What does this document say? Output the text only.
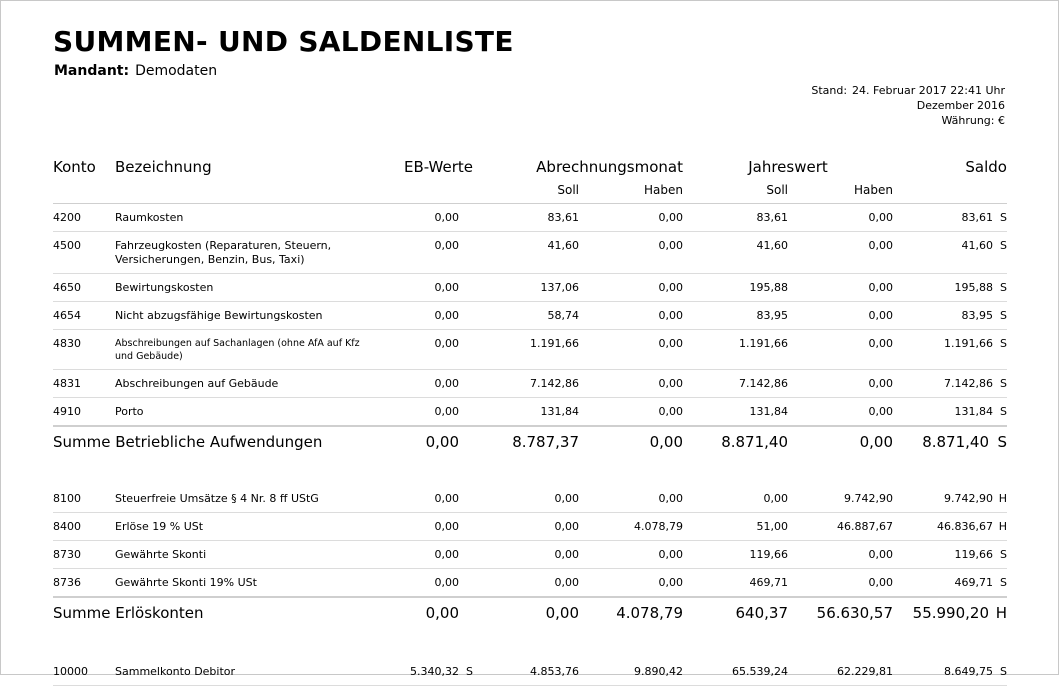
SUMMEN- UND SALDENLISTE
Mandant: Demodaten
Stand: 24. Februar 2017 22:41 Uhr
Dezember 2016
Währung: €
Konto	Bezeichnung	EB-Werte	Abrechnungsmonat		Jahreswert		Saldo
			Soll	Haben	Soll	Haben	
4200	Raumkosten	0,00	83,61	0,00	83,61	0,00	83,61 S
4500	Fahrzeugkosten (Reparaturen, Steuern, Versicherungen, Benzin, Bus, Taxi)	0,00	41,60	0,00	41,60	0,00	41,60 S
4650	Bewirtungskosten	0,00	137,06	0,00	195,88	0,00	195,88 S
4654	Nicht abzugsfähige Bewirtungskosten	0,00	58,74	0,00	83,95	0,00	83,95 S
4830	Abschreibungen auf Sachanlagen (ohne AfA auf Kfz und Gebäude)	0,00	1.191,66	0,00	1.191,66	0,00	1.191,66 S
4831	Abschreibungen auf Gebäude	0,00	7.142,86	0,00	7.142,86	0,00	7.142,86 S
4910	Porto	0,00	131,84	0,00	131,84	0,00	131,84 S
Summe Betriebliche Aufwendungen		0,00	8.787,37	0,00	8.871,40	0,00	8.871,40 S

8100	Steuerfreie Umsätze § 4 Nr. 8 ff UStG	0,00	0,00	0,00	0,00	9.742,90	9.742,90 H
8400	Erlöse 19 % USt	0,00	0,00	4.078,79	51,00	46.887,67	46.836,67 H
8730	Gewährte Skonti	0,00	0,00	0,00	119,66	0,00	119,66 S
8736	Gewährte Skonti 19% USt	0,00	0,00	0,00	469,71	0,00	469,71 S
Summe Erlöskonten		0,00	0,00	4.078,79	640,37	56.630,57	55.990,20 H

10000	Sammelkonto Debitor	5.340,32 S	4.853,76	9.890,42	65.539,24	62.229,81	8.649,75 S
